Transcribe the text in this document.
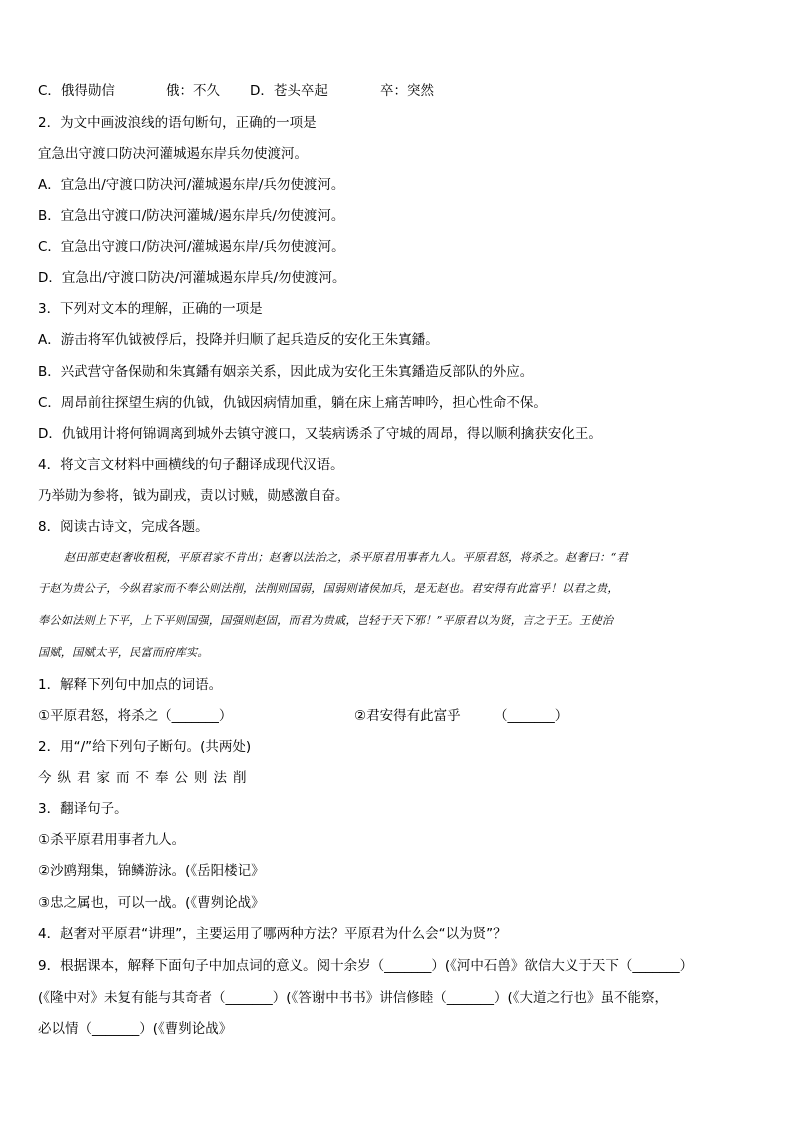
C．俄得勋信	俄：不久 D．苍头卒起	卒：突然
2．为文中画波浪线的语句断句，正确的一项是
宜急出守渡口防决河灌城遏东岸兵勿使渡河。
A．宜急出/守渡口防决河/灌城遏东岸/兵勿使渡河。
B．宜急出守渡口/防决河灌城/遏东岸兵/勿使渡河。
C．宜急出守渡口/防决河/灌城遏东岸/兵勿使渡河。
D．宜急出/守渡口防决/河灌城遏东岸兵/勿使渡河。
3．下列对文本的理解，正确的一项是
A．游击将军仇钺被俘后，投降并归顺了起兵造反的安化王朱寘鐇。
B．兴武营守备保勋和朱寘鐇有姻亲关系，因此成为安化王朱寘鐇造反部队的外应。
C．周昂前往探望生病的仇钺，仇钺因病情加重，躺在床上痛苦呻吟，担心性命不保。
D．仇钺用计将何锦调离到城外去镇守渡口，又装病诱杀了守城的周昂，得以顺利擒获安化王。
4．将文言文材料中画横线的句子翻译成现代汉语。
乃举勋为参将，钺为副戎，责以讨贼，勋感激自奋。
8．阅读古诗文，完成各题。
赵田部吏赵奢收租税，平原君家不肯出；赵奢以法治之，杀平原君用事者九人。平原君怒，将杀之。赵奢曰：“君
于赵为贵公子，今纵君家而不奉公则法削，法削则国弱，国弱则诸侯加兵，是无赵也。君安得有此富乎！以君之贵，
奉公如法则上下平，上下平则国强，国强则赵固，而君为贵戚，岂轻于天下邪！”平原君以为贤，言之于王。王使治
国赋，国赋太平，民富而府库实。
1．解释下列句中加点的词语。
①平原君怒，将杀之（_______）	②君安得有此富乎 （_______）
2．用“/”给下列句子断句。(共两处)
今纵君家而不奉公则法削
3．翻译句子。
①杀平原君用事者九人。
②沙鸥翔集，锦鳞游泳。(《岳阳楼记》
③忠之属也，可以一战。(《曹刿论战》
4．赵奢对平原君“讲理”，主要运用了哪两种方法？平原君为什么会“以为贤”？
9．根据课本，解释下面句子中加点词的意义。阅十余岁（_______）(《河中石兽》欲信大义于天下（_______）
(《隆中对》未复有能与其奇者（_______）(《答谢中书书》讲信修睦（_______）(《大道之行也》虽不能察，
必以情（_______）(《曹刿论战》
